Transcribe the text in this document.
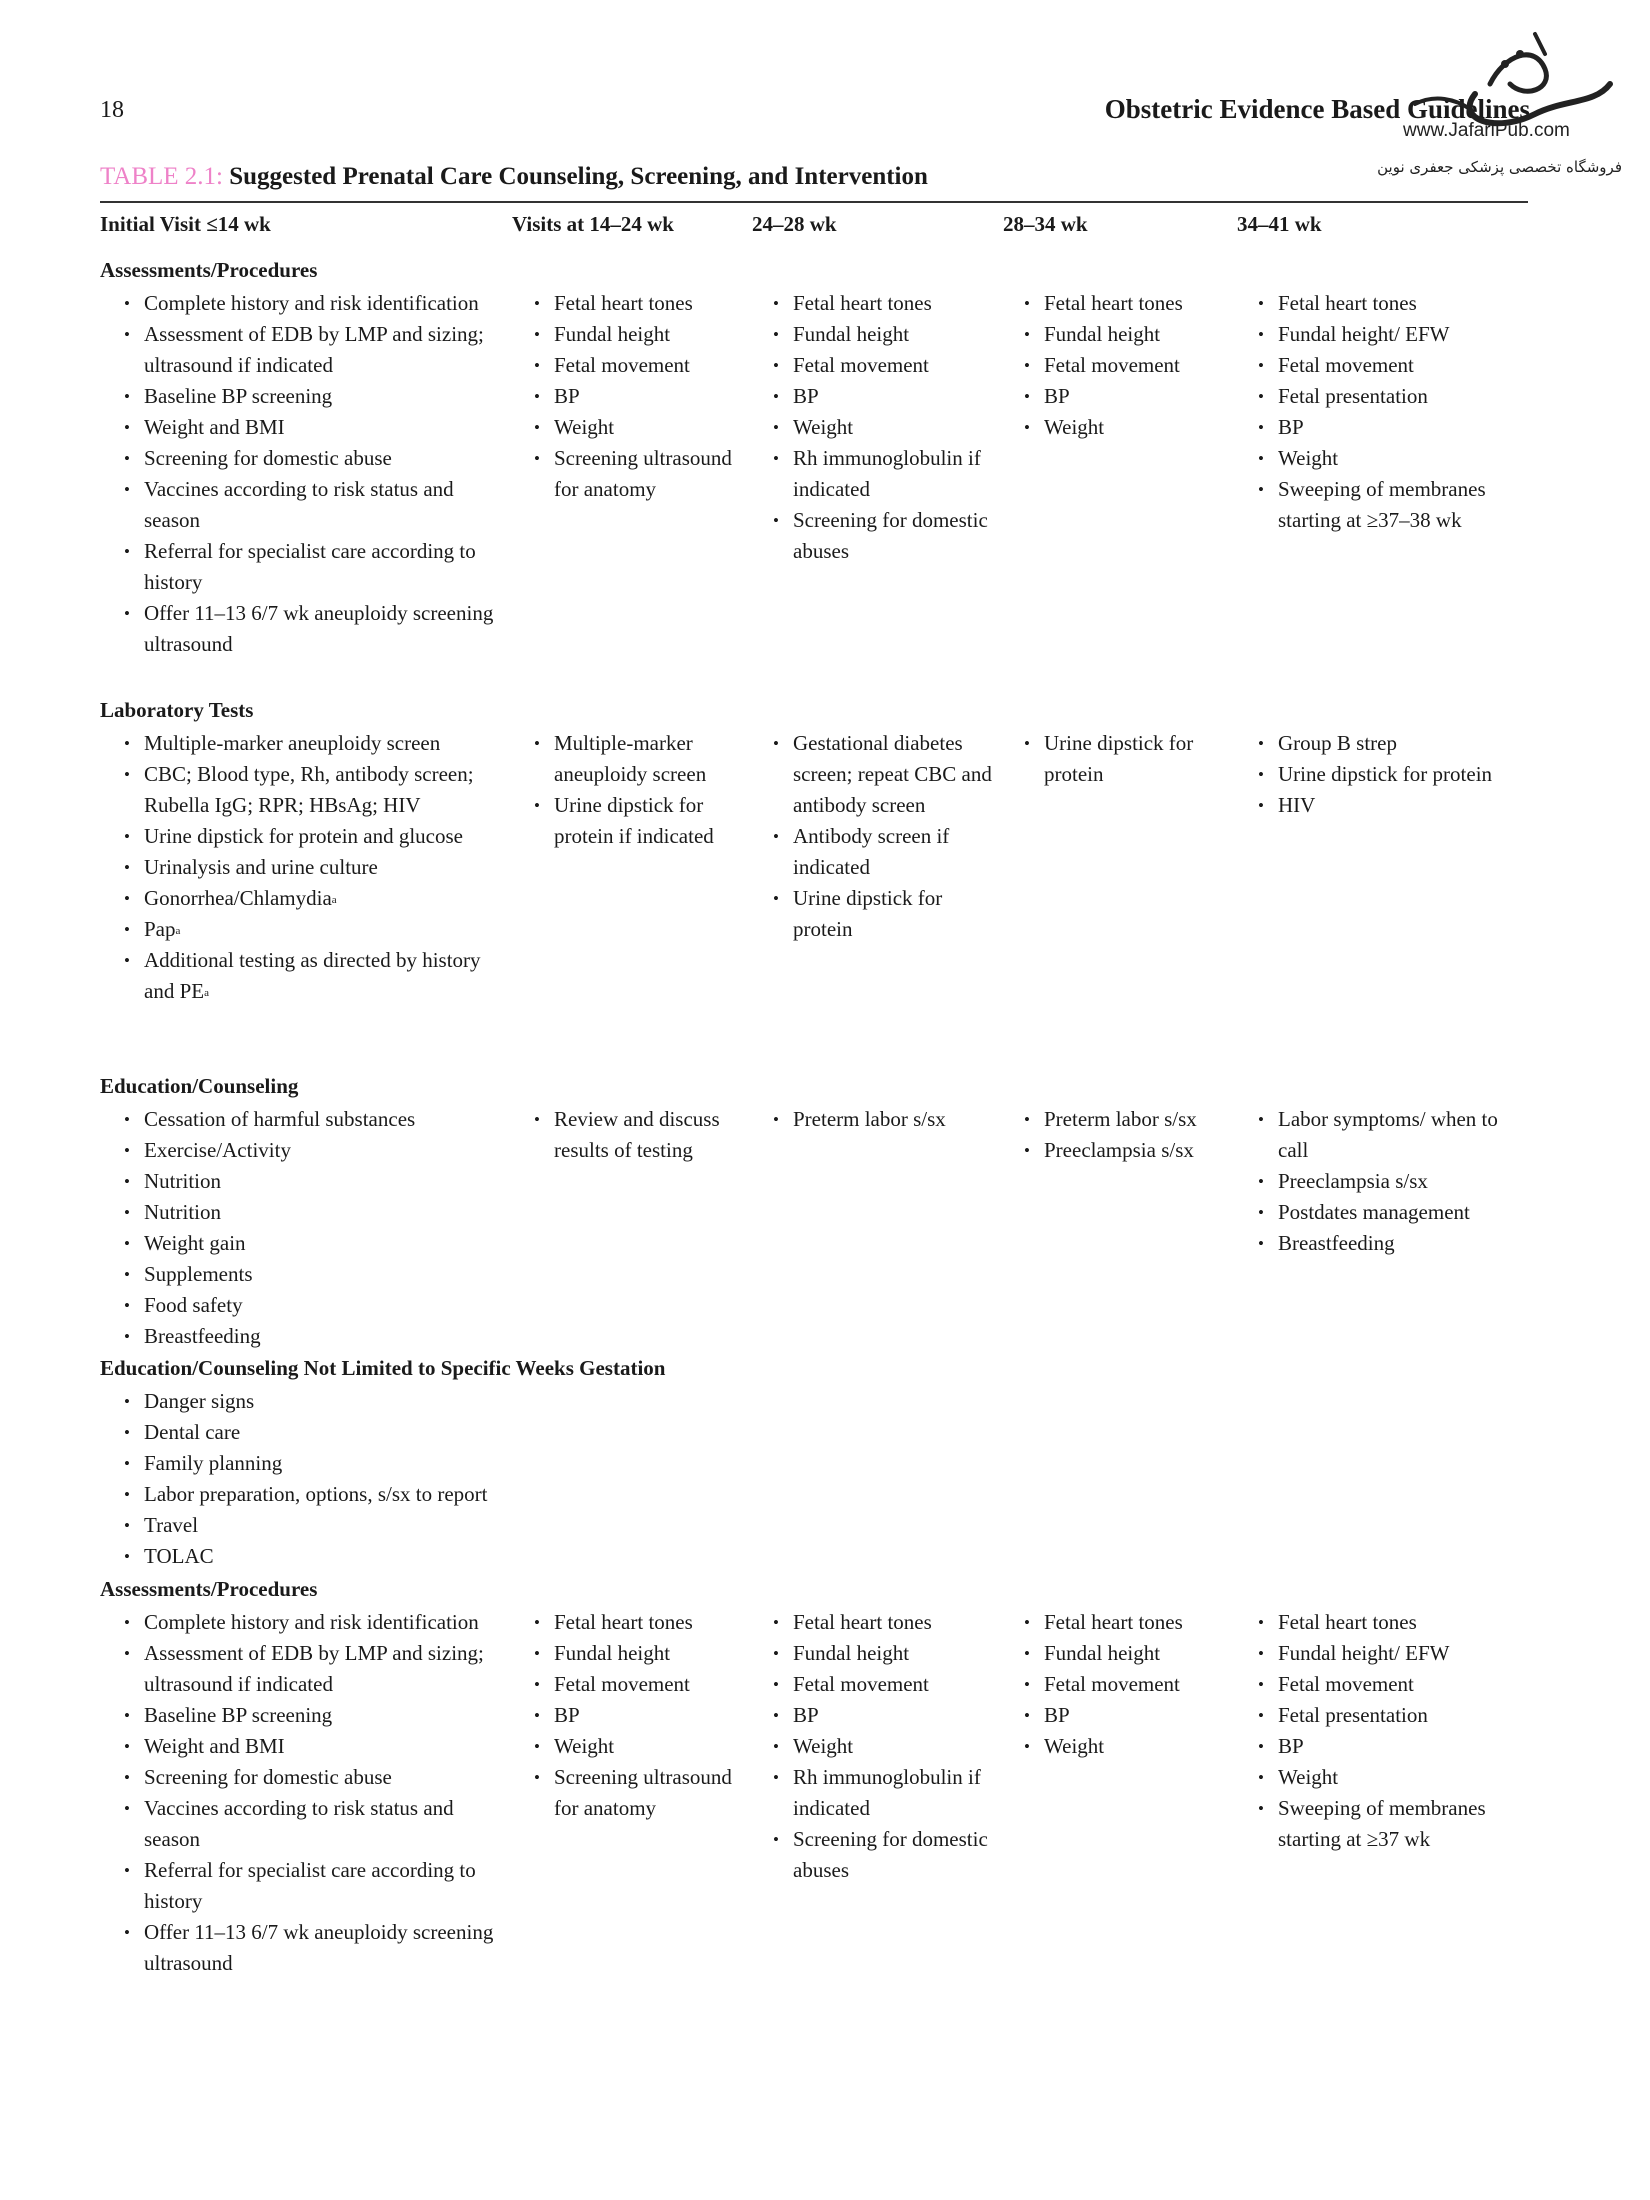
18	Obstetric Evidence Based Guidelines
www.JafariPub.com
فروشگاه تخصصی پزشکی جعفری نوین
TABLE 2.1: Suggested Prenatal Care Counseling, Screening, and Intervention
Initial Visit ≤14 wk	Visits at 14–24 wk	24–28 wk	28–34 wk	34–41 wk
Assessments/Procedures
• Complete history and risk identification
• Assessment of EDB by LMP and sizing; ultrasound if indicated
• Baseline BP screening
• Weight and BMI
• Screening for domestic abuse
• Vaccines according to risk status and season
• Referral for specialist care according to history
• Offer 11–13 6/7 wk aneuploidy screening ultrasound
• Fetal heart tones
• Fundal height
• Fetal movement
• BP
• Weight
• Screening ultrasound for anatomy
• Fetal heart tones
• Fundal height
• Fetal movement
• BP
• Weight
• Rh immunoglobulin if indicated
• Screening for domestic abuses
• Fetal heart tones
• Fundal height
• Fetal movement
• BP
• Weight
• Fetal heart tones
• Fundal height/ EFW
• Fetal movement
• Fetal presentation
• BP
• Weight
• Sweeping of membranes starting at ≥37–38 wk
Laboratory Tests
• Multiple-marker aneuploidy screen
• CBC; Blood type, Rh, antibody screen; Rubella IgG; RPR; HBsAg; HIV
• Urine dipstick for protein and glucose
• Urinalysis and urine culture
• Gonorrhea/Chlamydia$^a$
• Pap$^a$
• Additional testing as directed by history and $PE^a$
• Multiple-marker aneuploidy screen
• Urine dipstick for protein if indicated
• Gestational diabetes screen; repeat CBC and antibody screen
• Antibody screen if indicated
• Urine dipstick for protein
• Urine dipstick for protein
• Group B strep
• Urine dipstick for protein
• HIV
Education/Counseling
• Cessation of harmful substances
• Exercise/Activity
• Nutrition
• Nutrition
• Weight gain
• Supplements
• Food safety
• Breastfeeding
• Review and discuss results of testing
• Preterm labor s/sx
•	Preterm labor s/sx
• Preeclampsia s/sx
• Labor symptoms/ when to call
• Preeclampsia s/sx
• Postdates management
• Breastfeeding
Education/Counseling Not Limited to Specific Weeks Gestation
• Danger signs
• Dental care
• Family planning
• Labor preparation, options, s/sx to report
• Travel
• TOLAC
Assessments/Procedures
• Complete history and risk identification
• Assessment of EDB by LMP and sizing; ultrasound if indicated
• Baseline BP screening
• Weight and BMI
• Screening for domestic abuse
• Vaccines according to risk status and season
• Referral for specialist care according to history
• Offer 11–13 6/7 wk aneuploidy screening ultrasound
• Fetal heart tones
• Fundal height
• Fetal movement
• BP
• Weight
• Screening ultrasound for anatomy
• Fetal heart tones
• Fundal height
• Fetal movement
• BP
• Weight
• Rh immunoglobulin if indicated
• Screening for domestic abuses
• Fetal heart tones
• Fundal height
• Fetal movement
• BP
• Weight
• Fetal heart tones
• Fundal height/ EFW
• Fetal movement
• Fetal presentation
• BP
• Weight
• Sweeping of membranes starting at ≥37 wk
